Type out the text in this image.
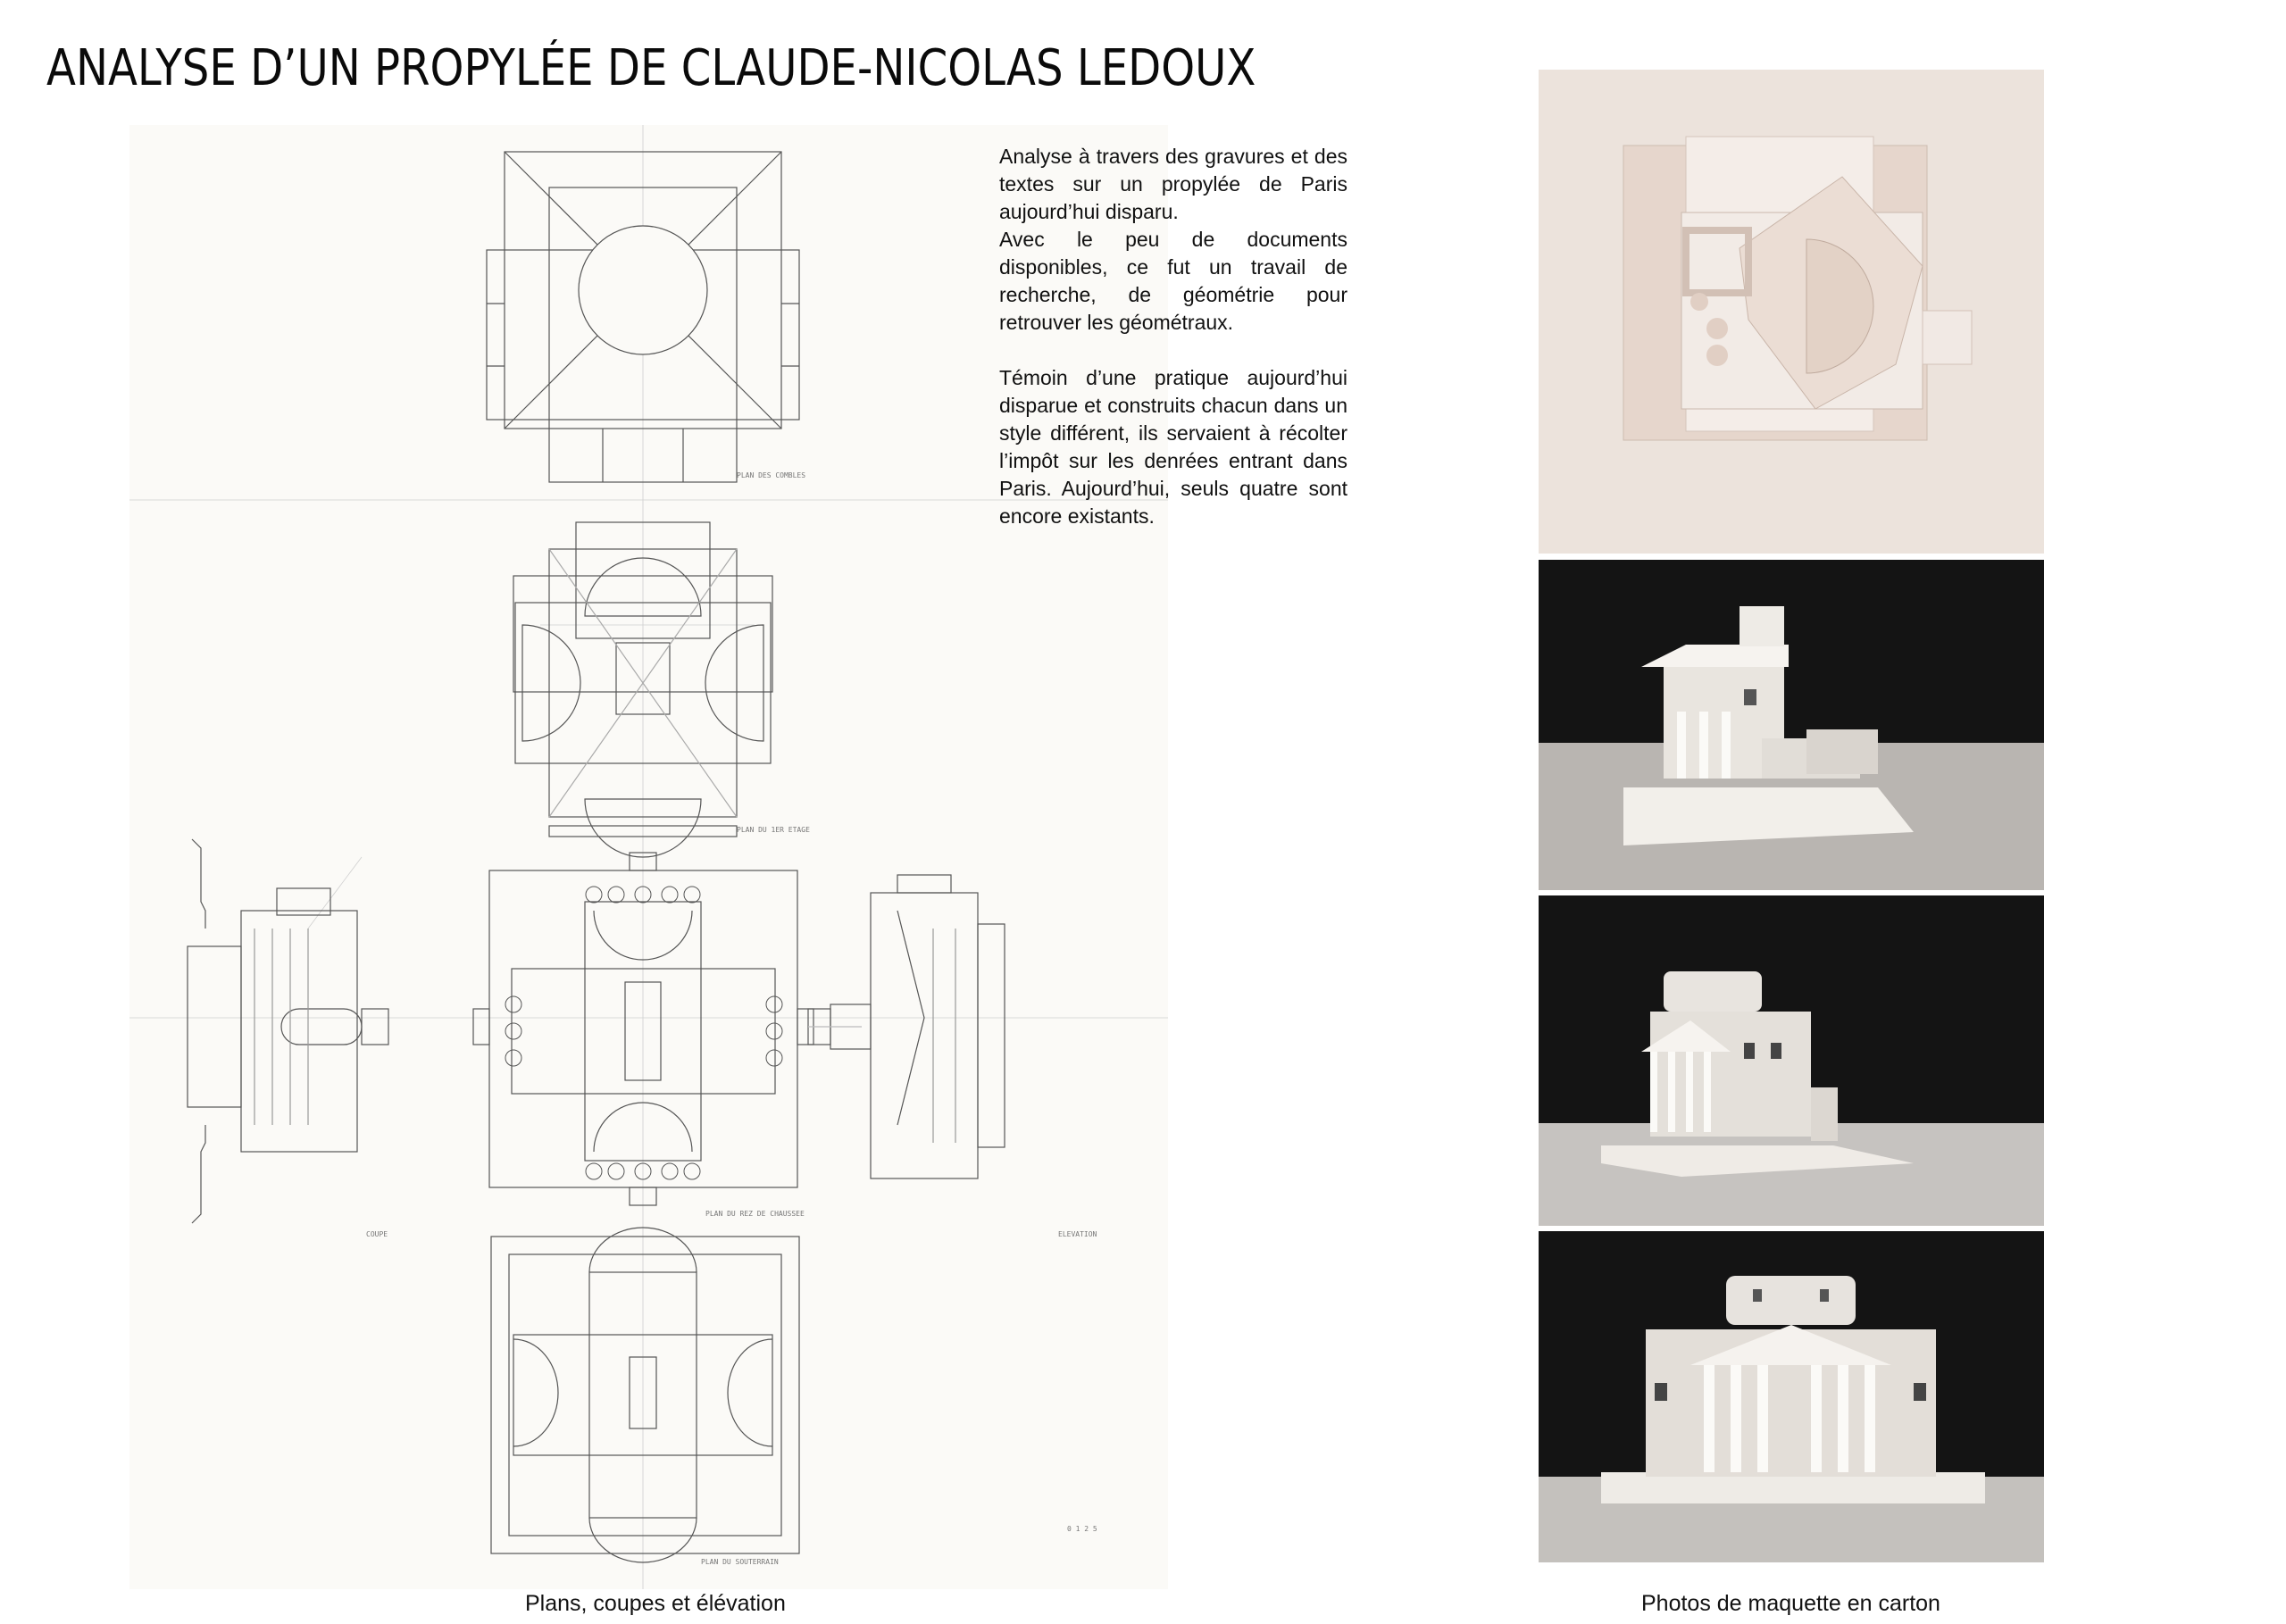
ANALYSE D’UN PROPYLÉE DE CLAUDE-NICOLAS LEDOUX
PLAN DES COMBLES
PLAN DU 1ER ETAGE
PLAN DU REZ DE CHAUSSEE
COUPE	ELEVATION
PLAN DU SOUTERRAIN
0 1 2 5

Analyse à travers des gravures et des textes sur un propylée de Paris aujourd’hui disparu.

Avec le peu de documents disponibles, ce fut un travail de recherche, de géométrie pour retrouver les géométraux.

Témoin d’une pratique aujourd’hui disparue et construits chacun dans un style différent, ils servaient à récolter l’impôt sur les denrées entrant dans Paris. Aujourd’hui, seuls quatre sont encore existants.

Plans, coupes et élévation	Photos de maquette en carton
